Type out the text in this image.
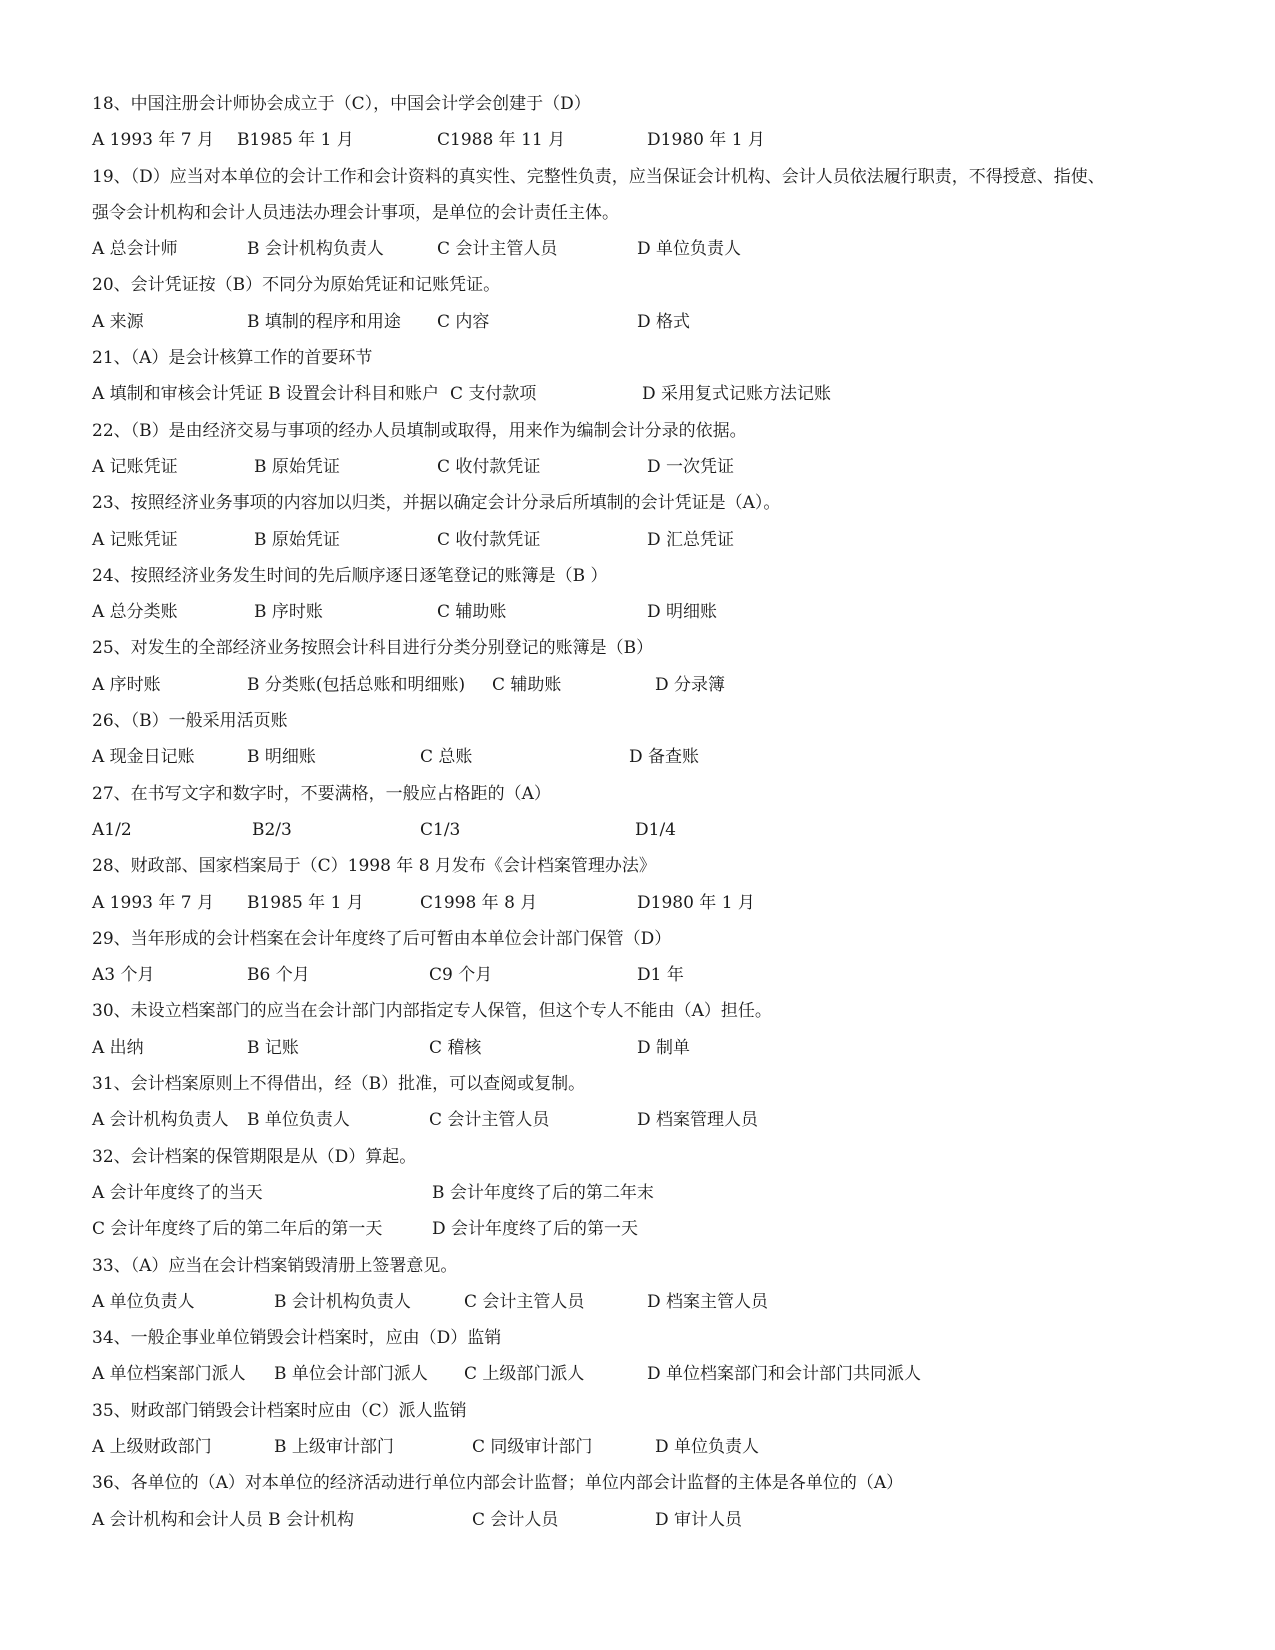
18、中国注册会计师协会成立于（C），中国会计学会创建于（D）
A 1993 年 7 月 B1985 年 1 月	C1988 年 11 月	D1980 年 1 月
19、（D）应当对本单位的会计工作和会计资料的真实性、完整性负责，应当保证会计机构、会计人员依法履行职责，不得授意、指使、
强令会计机构和会计人员违法办理会计事项，是单位的会计责任主体。
A 总会计师	B 会计机构负责人	C 会计主管人员	D 单位负责人
20、会计凭证按（B）不同分为原始凭证和记账凭证。
A 来源	B 填制的程序和用途 C 内容	D 格式
21、（A）是会计核算工作的首要环节
A 填制和审核会计凭证 B 设置会计科目和账户 C 支付款项	D 采用复式记账方法记账
22、（B）是由经济交易与事项的经办人员填制或取得，用来作为编制会计分录的依据。
A 记账凭证	B 原始凭证	C 收付款凭证	D 一次凭证
23、按照经济业务事项的内容加以归类，并据以确定会计分录后所填制的会计凭证是（A）。
A 记账凭证	B 原始凭证	C 收付款凭证	D 汇总凭证
24、按照经济业务发生时间的先后顺序逐日逐笔登记的账簿是（B ）
A 总分类账	B 序时账	C 辅助账	D 明细账
25、对发生的全部经济业务按照会计科目进行分类分别登记的账簿是（B）
A 序时账	B 分类账(包括总账和明细账) C 辅助账	D 分录簿
26、（B）一般采用活页账
A 现金日记账	B 明细账	C 总账	D 备查账
27、在书写文字和数字时，不要满格，一般应占格距的（A）
A1/2	B2/3	C1/3	D1/4
28、财政部、国家档案局于（C）1998 年 8 月发布《会计档案管理办法》
A 1993 年 7 月 B1985 年 1 月	C1998 年 8 月	D1980 年 1 月
29、当年形成的会计档案在会计年度终了后可暂由本单位会计部门保管（D）
A3 个月	B6 个月	C9 个月	D1 年
30、未设立档案部门的应当在会计部门内部指定专人保管，但这个专人不能由（A）担任。
A 出纳	B 记账	C 稽核	D 制单
31、会计档案原则上不得借出，经（B）批准，可以查阅或复制。
A 会计机构负责人 B 单位负责人	C 会计主管人员	D 档案管理人员
32、会计档案的保管期限是从（D）算起。
A 会计年度终了的当天	B 会计年度终了后的第二年末
C 会计年度终了后的第二年后的第一天	D 会计年度终了后的第一天
33、（A）应当在会计档案销毁清册上签署意见。
A 单位负责人	B 会计机构负责人	C 会计主管人员	D 档案主管人员
34、一般企事业单位销毁会计档案时，应由（D）监销
A 单位档案部门派人 B 单位会计部门派人 C 上级部门派人	D 单位档案部门和会计部门共同派人
35、财政部门销毁会计档案时应由（C）派人监销
A 上级财政部门	B 上级审计部门	C 同级审计部门	D 单位负责人
36、各单位的（A）对本单位的经济活动进行单位内部会计监督；单位内部会计监督的主体是各单位的（A）
A 会计机构和会计人员 B 会计机构	C 会计人员	D 审计人员
